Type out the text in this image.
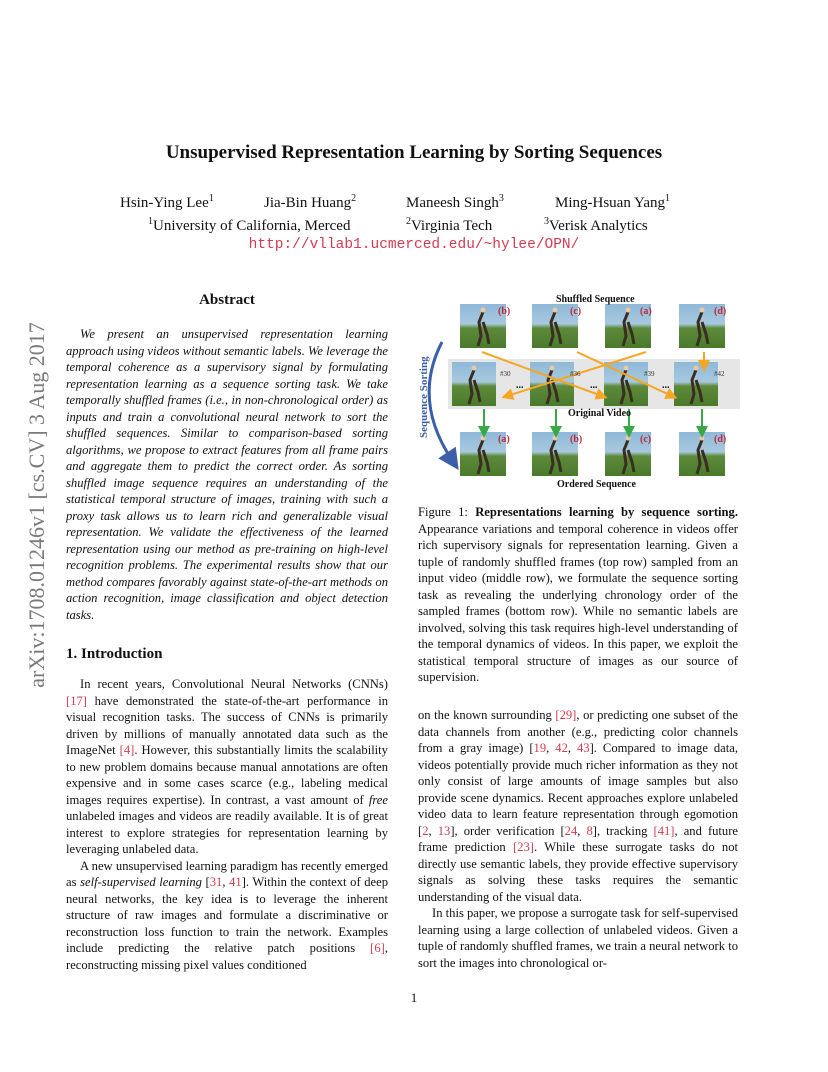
Unsupervised Representation Learning by Sorting Sequences
Hsin-Ying Lee$^1$	Jia-Bin Huang$^2$	Maneesh Singh$^3$	Ming-Hsuan Yang$^1$
$^1$University of California, Merced	$^2$Virginia Tech	$^3$Verisk Analytics
http://vllab1.ucmerced.edu/~hylee/OPN/
arXiv:1708.01246v1 [cs.CV] 3 Aug 2017
Abstract

We present an unsupervised representation learning approach using videos without semantic labels. We leverage the temporal coherence as a supervisory signal by formulating representation learning as a sequence sorting task. We take temporally shuffled frames (i.e., in non-chronological order) as inputs and train a convolutional neural network to sort the shuffled sequences. Similar to comparison-based sorting algorithms, we propose to extract features from all frame pairs and aggregate them to predict the correct order. As sorting shuffled image sequence requires an understanding of the statistical temporal structure of images, training with such a proxy task allows us to learn rich and generalizable visual representation. We validate the effectiveness of the learned representation using our method as pre-training on high-level recognition problems. The experimental results show that our method compares favorably against state-of-the-art methods on action recognition, image classification and object detection tasks.

1. Introduction

In recent years, Convolutional Neural Networks (CNNs) [17] have demonstrated the state-of-the-art performance in visual recognition tasks. The success of CNNs is primarily driven by millions of manually annotated data such as the ImageNet [4]. However, this substantially limits the scalability to new problem domains because manual annotations are often expensive and in some cases scarce (e.g., labeling medical images requires expertise). In contrast, a vast amount of free unlabeled images and videos are readily available. It is of great interest to explore strategies for representation learning by leveraging unlabeled data.

A new unsupervised learning paradigm has recently emerged as self-supervised learning [31, 41]. Within the context of deep neural networks, the key idea is to leverage the inherent structure of raw images and formulate a discriminative or reconstruction loss function to train the network. Examples include predicting the relative patch positions [6], reconstructing missing pixel values conditioned

Shuffled Sequence
Original Video
Ordered Sequence
Sequence Sorting
(b)	(c)	(a)	(d)
(a)	(b)	(c)	(d)
#30	#36	#39	#42
...	...	...

Figure 1: Representations learning by sequence sorting. Appearance variations and temporal coherence in videos offer rich supervisory signals for representation learning. Given a tuple of randomly shuffled frames (top row) sampled from an input video (middle row), we formulate the sequence sorting task as revealing the underlying chronology order of the sampled frames (bottom row). While no semantic labels are involved, solving this task requires high-level understanding of the temporal dynamics of videos. In this paper, we exploit the statistical temporal structure of images as our source of supervision.

on the known surrounding [29], or predicting one subset of the data channels from another (e.g., predicting color channels from a gray image) [19, 42, 43]. Compared to image data, videos potentially provide much richer information as they not only consist of large amounts of image samples but also provide scene dynamics. Recent approaches explore unlabeled video data to learn feature representation through egomotion [2, 13], order verification [24, 8], tracking [41], and future frame prediction [23]. While these surrogate tasks do not directly use semantic labels, they provide effective supervisory signals as solving these tasks requires the semantic understanding of the visual data.

In this paper, we propose a surrogate task for self-supervised learning using a large collection of unlabeled videos. Given a tuple of randomly shuffled frames, we train a neural network to sort the images into chronological or-

1
